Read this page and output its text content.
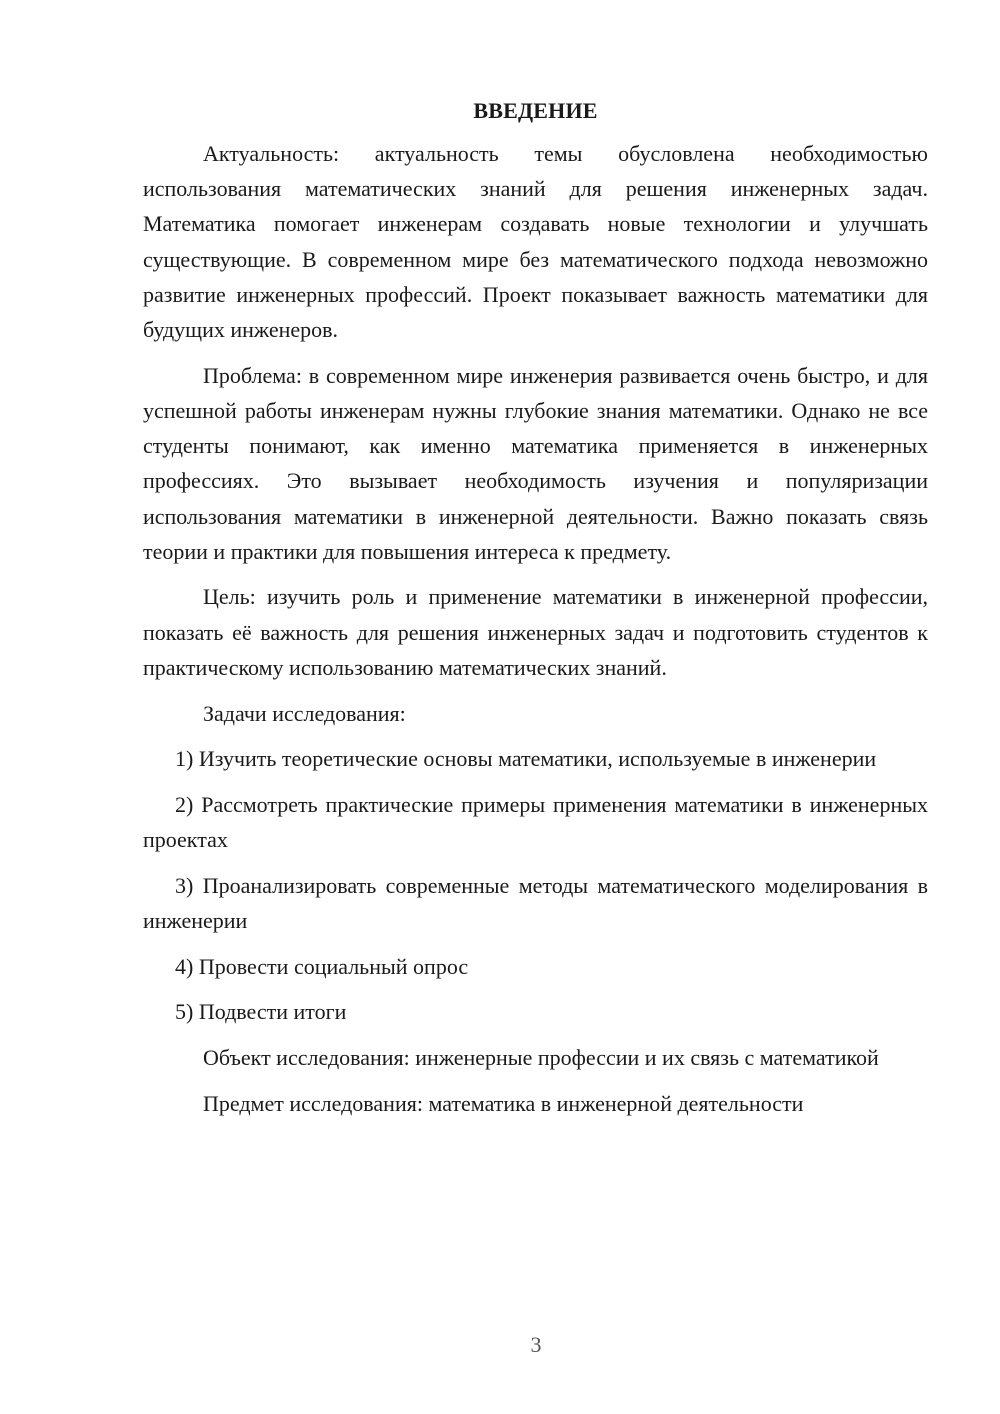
ВВЕДЕНИЕ

Актуальность: актуальность темы обусловлена необходимостью использования математических знаний для решения инженерных задач. Математика помогает инженерам создавать новые технологии и улучшать существующие. В современном мире без математического подхода невозможно развитие инженерных профессий. Проект показывает важность математики для будущих инженеров.

Проблема: в современном мире инженерия развивается очень быстро, и для успешной работы инженерам нужны глубокие знания математики. Однако не все студенты понимают, как именно математика применяется в инженерных профессиях. Это вызывает необходимость изучения и популяризации использования математики в инженерной деятельности. Важно показать связь теории и практики для повышения интереса к предмету.

Цель: изучить роль и применение математики в инженерной профессии, показать её важность для решения инженерных задач и подготовить студентов к практическому использованию математических знаний.

Задачи исследования:

1) Изучить теоретические основы математики, используемые в инженерии

2) Рассмотреть практические примеры применения математики в инженерных проектах

3) Проанализировать современные методы математического моделирования в инженерии

4) Провести социальный опрос

5) Подвести итоги

Объект исследования: инженерные профессии и их связь с математикой

Предмет исследования: математика в инженерной деятельности

3
